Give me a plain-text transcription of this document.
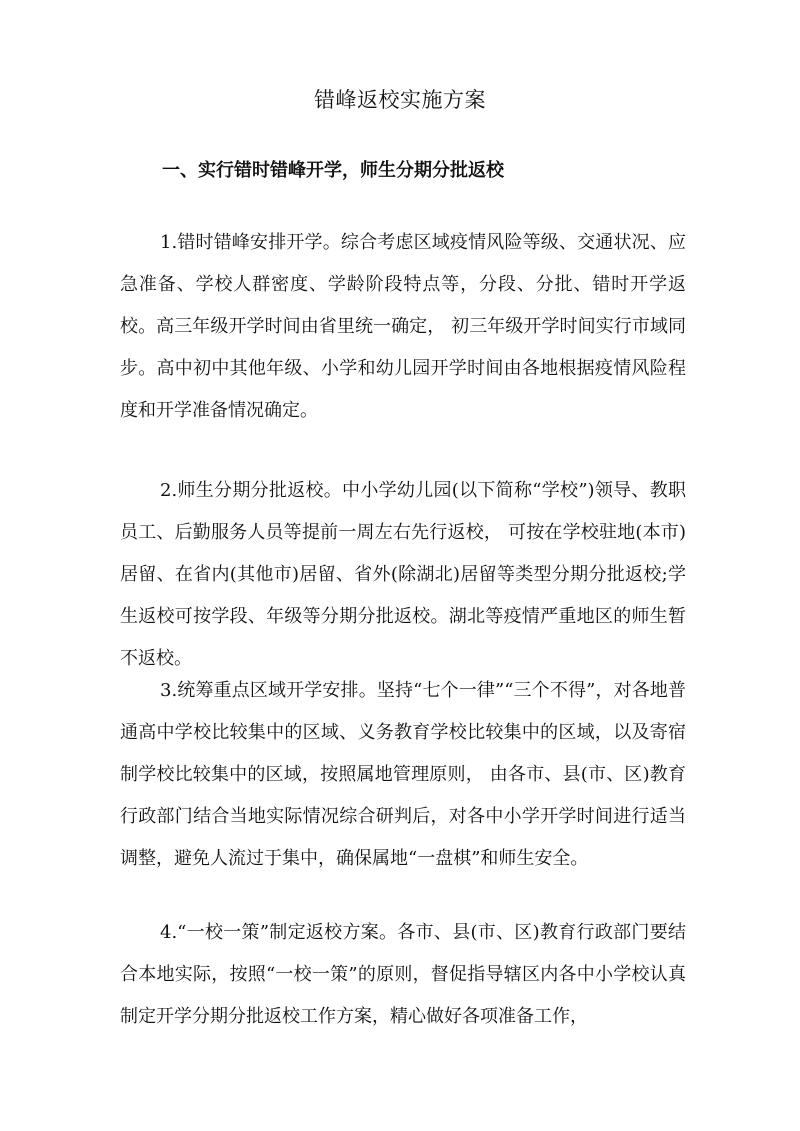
错峰返校实施方案
一、实行错时错峰开学，师生分期分批返校

1.错时错峰安排开学。综合考虑区域疫情风险等级、交通状况、应急准备、学校人群密度、学龄阶段特点等，分段、分批、错时开学返校。高三年级开学时间由省里统一确定， 初三年级开学时间实行市域同步。高中初中其他年级、小学和幼儿园开学时间由各地根据疫情风险程度和开学准备情况确定。

2.师生分期分批返校。中小学幼儿园(以下简称“学校”)领导、教职员工、后勤服务人员等提前一周左右先行返校， 可按在学校驻地(本市)居留、在省内(其他市)居留、省外(除湖北)居留等类型分期分批返校;学生返校可按学段、年级等分期分批返校。湖北等疫情严重地区的师生暂不返校。

3.统筹重点区域开学安排。坚持“七个一律”“三个不得”，对各地普通高中学校比较集中的区域、义务教育学校比较集中的区域，以及寄宿制学校比较集中的区域，按照属地管理原则， 由各市、县(市、区)教育行政部门结合当地实际情况综合研判后，对各中小学开学时间进行适当调整，避免人流过于集中，确保属地“一盘棋”和师生安全。

4.“一校一策”制定返校方案。各市、县(市、区)教育行政部门要结合本地实际，按照“一校一策”的原则，督促指导辖区内各中小学校认真制定开学分期分批返校工作方案，精心做好各项准备工作，
